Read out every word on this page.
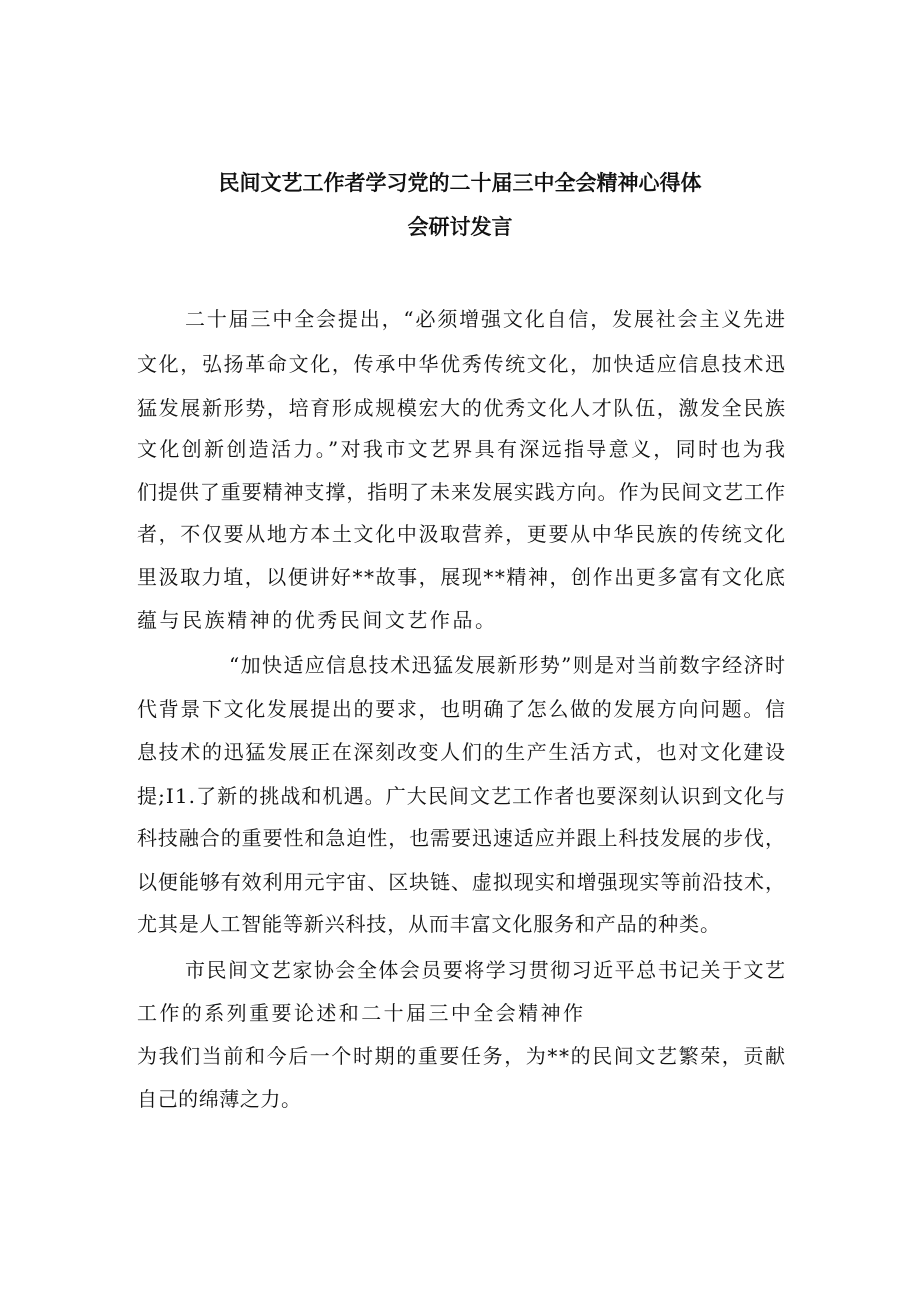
民间文艺工作者学习党的二十届三中全会精神心得体
会研讨发言
二十届三中全会提出，“必须增强文化自信，发展社会主义先进
文化，弘扬革命文化，传承中华优秀传统文化，加快适应信息技术迅
猛发展新形势，培育形成规模宏大的优秀文化人才队伍，激发全民族
文化创新创造活力。”对我市文艺界具有深远指导意义，同时也为我
们提供了重要精神支撑，指明了未来发展实践方向。作为民间文艺工作
者，不仅要从地方本土文化中汲取营养，更要从中华民族的传统文化
里汲取力埴，以便讲好**故事，展现**精神，创作出更多富有文化底
蕴与民族精神的优秀民间文艺作品。
“加快适应信息技术迅猛发展新形势”则是对当前数字经济时
代背景下文化发展提出的要求，也明确了怎么做的发展方向问题。信
息技术的迅猛发展正在深刻改变人们的生产生活方式，也对文化建设
提;I1.了新的挑战和机遇。广大民间文艺工作者也要深刻认识到文化与
科技融合的重要性和急迫性，也需要迅速适应并跟上科技发展的步伐，
以便能够有效利用元宇宙、区块链、虚拟现实和增强现实等前沿技术，
尤其是人工智能等新兴科技，从而丰富文化服务和产品的种类。
市民间文艺家协会全体会员要将学习贯彻习近平总书记关于文艺
工作的系列重要论述和二十届三中全会精神作
为我们当前和今后一个时期的重要任务，为**的民间文艺繁荣，贡献
自己的绵薄之力。
